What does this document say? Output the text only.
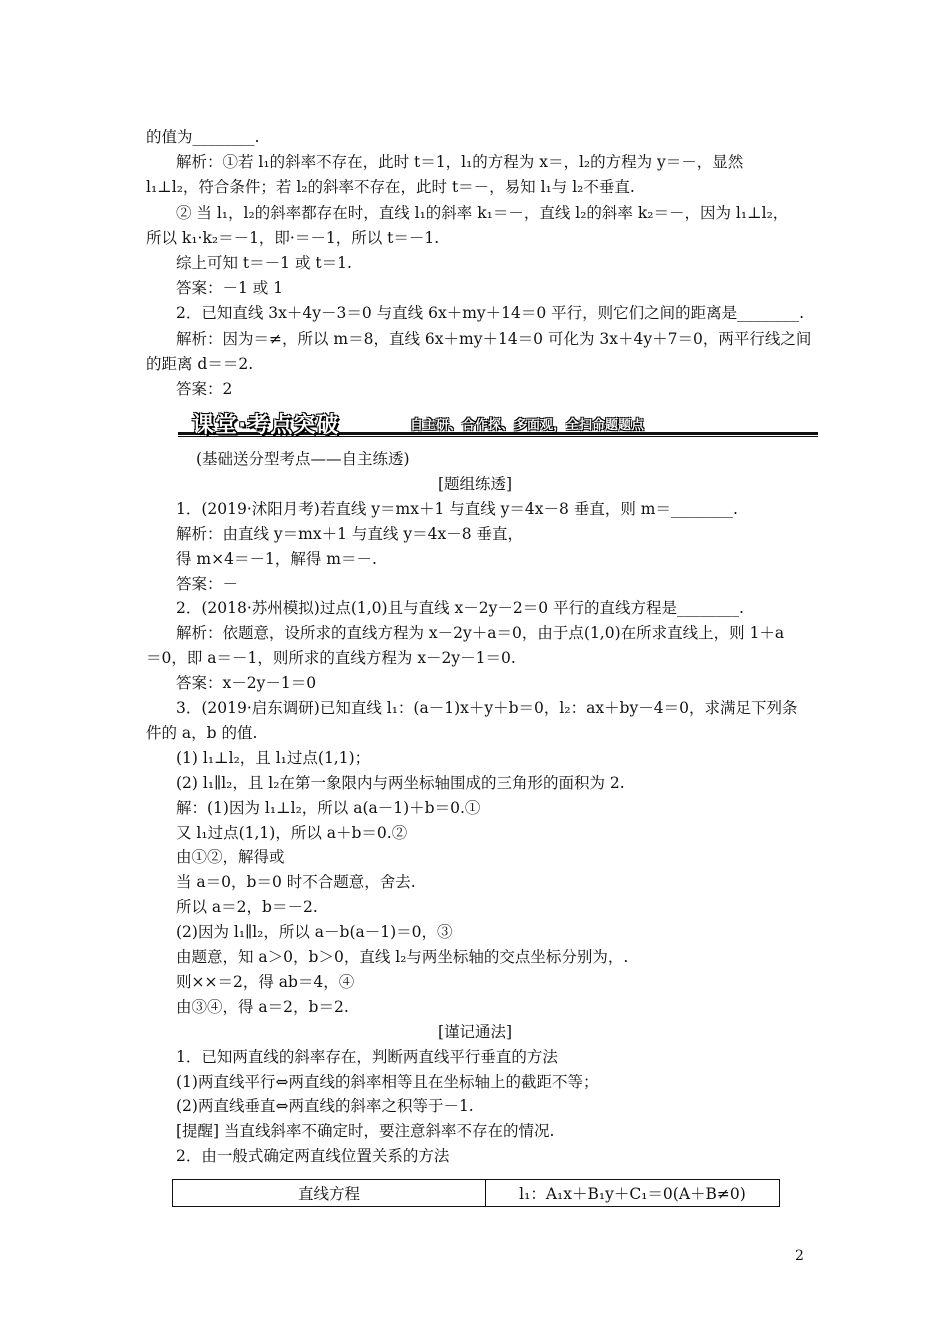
的值为________.
解析：①若 l₁的斜率不存在，此时 t＝1，l₁的方程为 x＝，l₂的方程为 y＝－，显然
l₁⊥l₂，符合条件；若 l₂的斜率不存在，此时 t＝－，易知 l₁与 l₂不垂直.
② 当 l₁，l₂的斜率都存在时，直线 l₁的斜率 k₁＝－，直线 l₂的斜率 k₂＝－，因为 l₁⊥l₂，
所以 k₁·k₂＝－1，即·＝－1，所以 t＝－1.
综上可知 t＝－1 或 t＝1.
答案：－1 或 1
2．已知直线 3x＋4y－3＝0 与直线 6x＋my＋14＝0 平行，则它们之间的距离是________.
解析：因为＝≠，所以 m＝8，直线 6x＋my＋14＝0 可化为 3x＋4y＋7＝0，两平行线之间
的距离 d＝＝2.
答案：2
课堂·考点突破	自主研、合作探、多面观，全扫命题题点
(基础送分型考点——自主练透)
[题组练透]
1．(2019·沭阳月考)若直线 y＝mx＋1 与直线 y＝4x－8 垂直，则 m＝________.
解析：由直线 y＝mx＋1 与直线 y＝4x－8 垂直，
得 m×4＝－1，解得 m＝－.
答案：－
2．(2018·苏州模拟)过点(1,0)且与直线 x－2y－2＝0 平行的直线方程是________.
解析：依题意，设所求的直线方程为 x－2y＋a＝0，由于点(1,0)在所求直线上，则 1＋a
＝0，即 a＝－1，则所求的直线方程为 x－2y－1＝0.
答案：x－2y－1＝0
3．(2019·启东调研)已知直线 l₁：(a－1)x＋y＋b＝0，l₂：ax＋by－4＝0，求满足下列条
件的 a，b 的值.
(1) l₁⊥l₂，且 l₁过点(1,1)；
(2) l₁∥l₂，且 l₂在第一象限内与两坐标轴围成的三角形的面积为 2.
解：(1)因为 l₁⊥l₂，所以 a(a－1)＋b＝0.①
又 l₁过点(1,1)，所以 a＋b＝0.②
由①②，解得或
当 a＝0，b＝0 时不合题意，舍去.
所以 a＝2，b＝－2.
(2)因为 l₁∥l₂，所以 a－b(a－1)＝0，③
由题意，知 a＞0，b＞0，直线 l₂与两坐标轴的交点坐标分别为，.
则××＝2，得 ab＝4，④
由③④，得 a＝2，b＝2.
[谨记通法]
1．已知两直线的斜率存在，判断两直线平行垂直的方法
(1)两直线平行⇔两直线的斜率相等且在坐标轴上的截距不等；
(2)两直线垂直⇔两直线的斜率之积等于－1.
[提醒] 当直线斜率不确定时，要注意斜率不存在的情况.
2．由一般式确定两直线位置关系的方法
直线方程	l₁：A₁x＋B₁y＋C₁＝0(A＋B≠0)
2
